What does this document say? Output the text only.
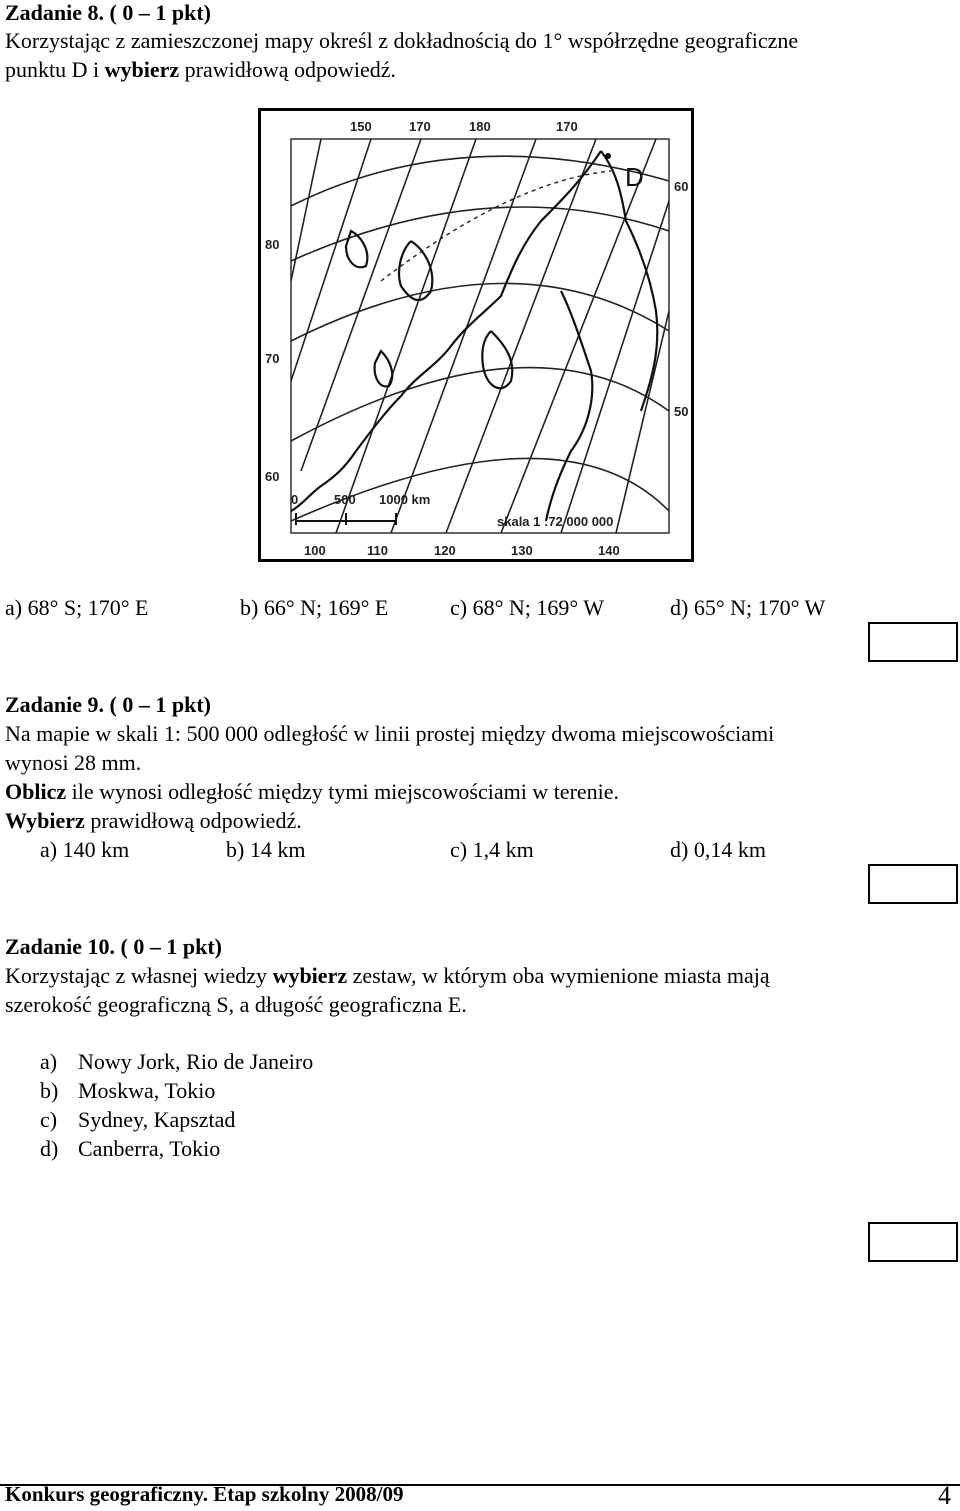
Zadanie 8. ( 0 – 1 pkt)
Korzystając z zamieszczonej mapy określ z dokładnością do 1° współrzędne geograficzne
punktu D i wybierz prawidłową odpowiedź.
150	170	180	170
100	110	120	130	140
80
70
60
60
50
0	500 1000 km
skala 1 :72 000 000
D
a) 68° S; 170° E	b) 66° N; 169° E	c) 68° N; 169° W	d) 65° N; 170° W
Zadanie 9. ( 0 – 1 pkt)
Na mapie w skali 1: 500 000 odległość w linii prostej między dwoma miejscowościami
wynosi 28 mm.
Oblicz ile wynosi odległość między tymi miejscowościami w terenie.
Wybierz prawidłową odpowiedź.
a) 140 km	b) 14 km	c) 1,4 km	d) 0,14 km
Zadanie 10. ( 0 – 1 pkt)
Korzystając z własnej wiedzy wybierz zestaw, w którym oba wymienione miasta mają
szerokość geograficzną S, a długość geograficzna E.
a) Nowy Jork, Rio de Janeiro
b) Moskwa, Tokio
c) Sydney, Kapsztad
d) Canberra, Tokio
Konkurs geograficzny. Etap szkolny 2008/09	4
